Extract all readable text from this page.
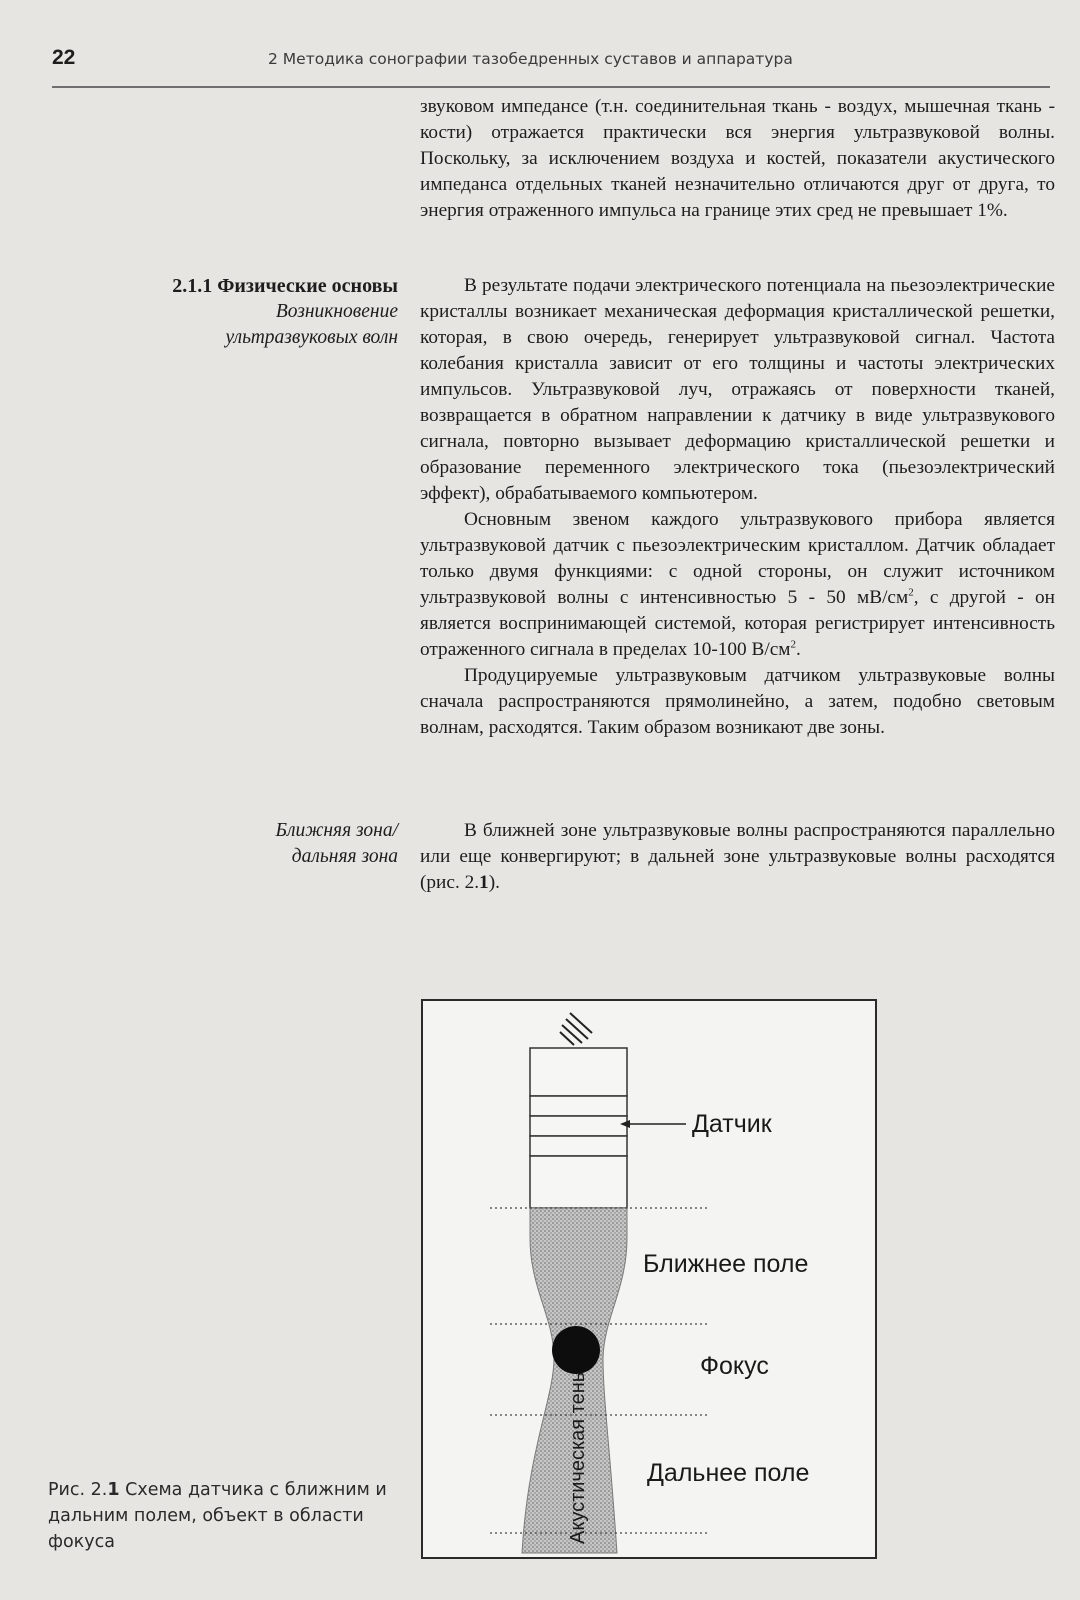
22	2 Методика сонографии тазобедренных суставов и аппаратура

звуковом импедансе (т.н. соединительная ткань - воздух, мышечная ткань - кости) отражается практически вся энергия ультразвуковой волны. Поскольку, за исключением воздуха и костей, показатели акустического импеданса отдельных тканей незначительно отличаются друг от друга, то энергия отраженного импульса на границе этих сред не превышает 1%.

2.1.1 Физические основы
Возникновение
ультразвуковых волн

В результате подачи электрического потенциала на пьезоэлектрические кристаллы возникает механическая деформация кристаллической решетки, которая, в свою очередь, генерирует ультразвуковой сигнал. Частота колебания кристалла зависит от его толщины и частоты электрических импульсов. Ультразвуковой луч, отражаясь от поверхности тканей, возвращается в обратном направлении к датчику в виде ультразвукового сигнала, повторно вызывает деформацию кристаллической решетки и образование переменного электрического тока (пьезоэлектрический эффект), обрабатываемого компьютером.

Основным звеном каждого ультразвукового прибора является ультразвуковой датчик с пьезоэлектрическим кристаллом. Датчик обладает только двумя функциями: с одной стороны, он служит источником ультразвуковой волны с интенсивностью 5 - 50 $мВ/см^2$, с другой - он является воспринимающей системой, которая регистрирует интенсивность отраженного сигнала в пределах 10-100 $В/см^2$.

Продуцируемые ультразвуковым датчиком ультразвуковые волны сначала распространяются прямолинейно, а затем, подобно световым волнам, расходятся. Таким образом возникают две зоны.

Ближняя зона/
дальняя зона

В ближней зоне ультразвуковые волны распространяются параллельно или еще конвергируют; в дальней зоне ультразвуковые волны расходятся (рис. 2.1).

Датчик
Ближнее поле
Фокус
Дальнее поле
Акустическая тень
Рис. 2.1 Схема датчика с ближним и дальним полем, объект в области фокуса
